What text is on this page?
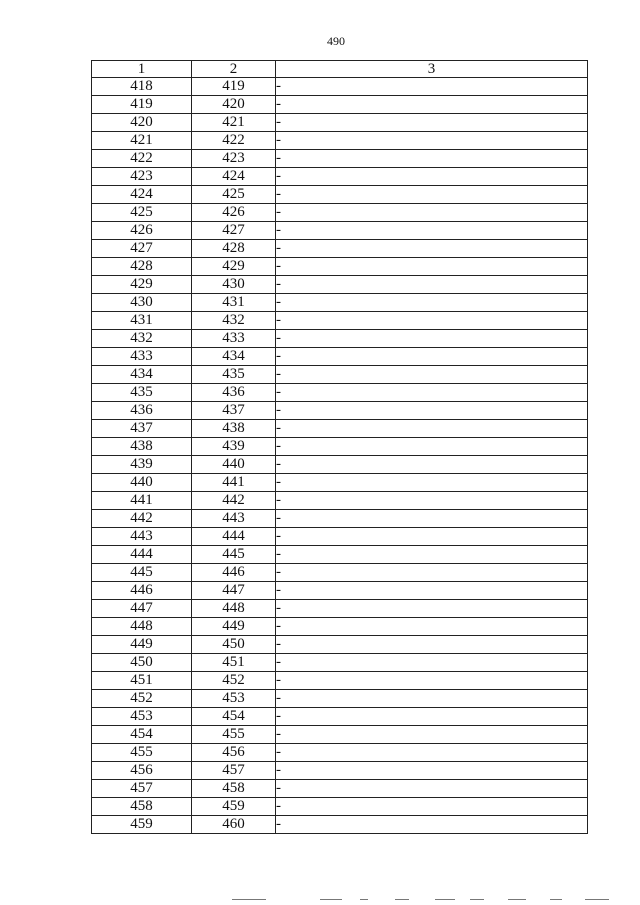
490
1	2	3
418	419	-
419	420	-
420	421	-
421	422	-
422	423	-
423	424	-
424	425	-
425	426	-
426	427	-
427	428	-
428	429	-
429	430	-
430	431	-
431	432	-
432	433	-
433	434	-
434	435	-
435	436	-
436	437	-
437	438	-
438	439	-
439	440	-
440	441	-
441	442	-
442	443	-
443	444	-
444	445	-
445	446	-
446	447	-
447	448	-
448	449	-
449	450	-
450	451	-
451	452	-
452	453	-
453	454	-
454	455	-
455	456	-
456	457	-
457	458	-
458	459	-
459	460	-
